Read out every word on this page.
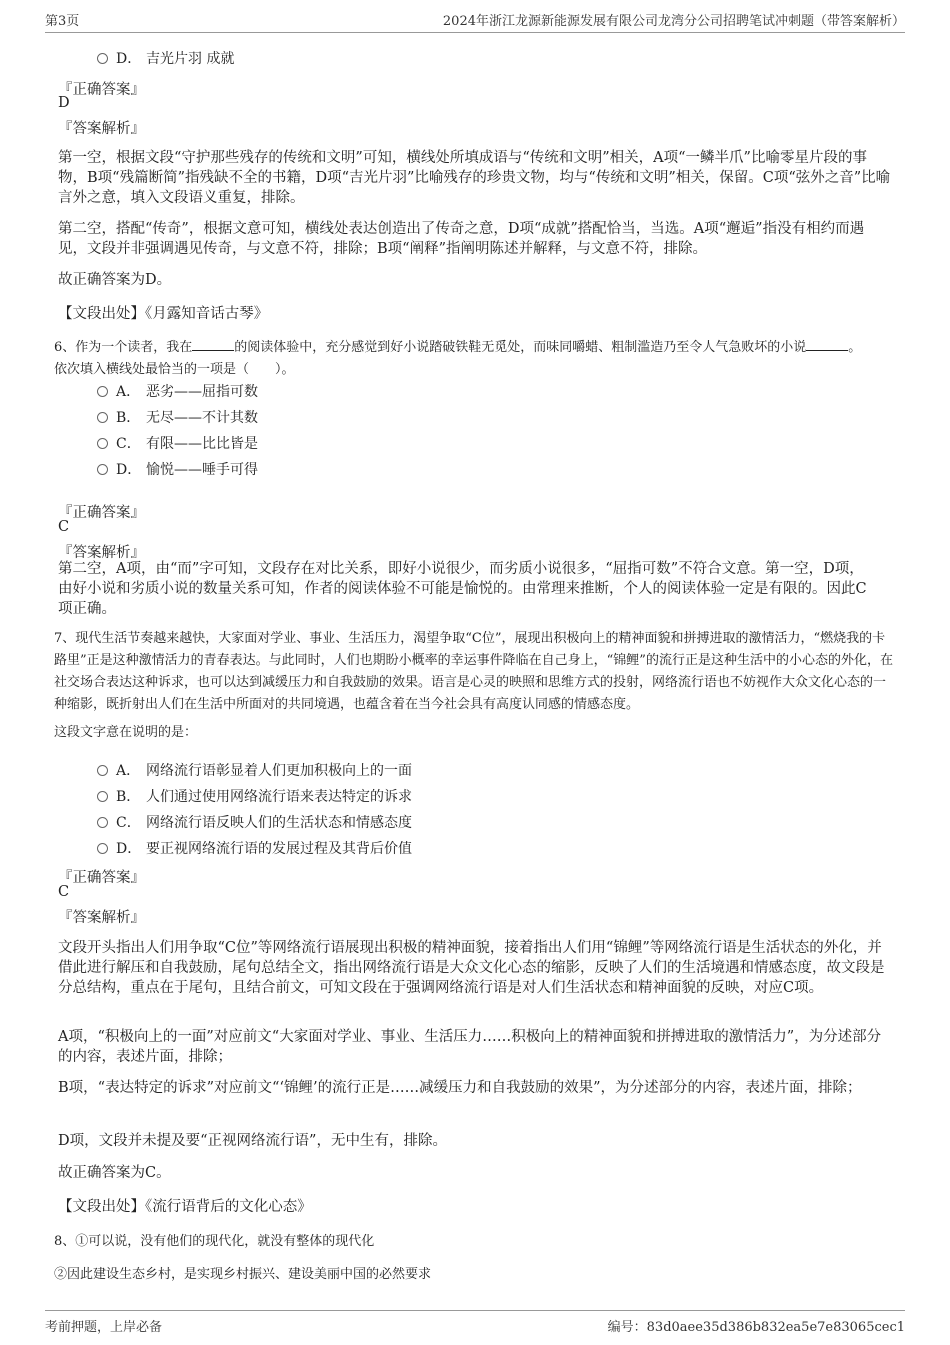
第3页	2024年浙江龙源新能源发展有限公司龙湾分公司招聘笔试冲刺题（带答案解析）
D． 吉光片羽 成就
『正确答案』
D
『答案解析』
第一空，根据文段“守护那些残存的传统和文明”可知，横线处所填成语与“传统和文明”相关，A项“一鳞半爪”比喻零星片段的事物，B项“残篇断简”指残缺不全的书籍，D项“吉光片羽”比喻残存的珍贵文物，均与“传统和文明”相关，保留。C项“弦外之音”比喻言外之意，填入文段语义重复，排除。
第二空，搭配“传奇”，根据文意可知，横线处表达创造出了传奇之意，D项“成就”搭配恰当，当选。A项“邂逅”指没有相约而遇见，文段并非强调遇见传奇，与文意不符，排除；B项“阐释”指阐明陈述并解释，与文意不符，排除。
故正确答案为D。
【文段出处】《月露知音话古琴》
6、作为一个读者，我在	的阅读体验中，充分感觉到好小说踏破铁鞋无觅处，而味同嚼蜡、粗制滥造乃至令人气急败坏的小说	。
依次填入横线处最恰当的一项是（　　）。
A． 恶劣——屈指可数
B． 无尽——不计其数
C． 有限——比比皆是
D． 愉悦——唾手可得
『正确答案』
C
『答案解析』
第二空，A项，由“而”字可知，文段存在对比关系，即好小说很少，而劣质小说很多，“屈指可数”不符合文意。第一空，D项，由好小说和劣质小说的数量关系可知，作者的阅读体验不可能是愉悦的。由常理来推断，个人的阅读体验一定是有限的。因此C项正确。
7、现代生活节奏越来越快，大家面对学业、事业、生活压力，渴望争取“C位”，展现出积极向上的精神面貌和拼搏进取的激情活力，“燃烧我的卡路里”正是这种激情活力的青春表达。与此同时，人们也期盼小概率的幸运事件降临在自己身上，“锦鲤”的流行正是这种生活中的小心态的外化，在社交场合表达这种诉求，也可以达到减缓压力和自我鼓励的效果。语言是心灵的映照和思维方式的投射，网络流行语也不妨视作大众文化心态的一种缩影，既折射出人们在生活中所面对的共同境遇，也蕴含着在当今社会具有高度认同感的情感态度。
这段文字意在说明的是：
A． 网络流行语彰显着人们更加积极向上的一面
B． 人们通过使用网络流行语来表达特定的诉求
C． 网络流行语反映人们的生活状态和情感态度
D． 要正视网络流行语的发展过程及其背后价值
『正确答案』
C
『答案解析』
文段开头指出人们用争取“C位”等网络流行语展现出积极的精神面貌，接着指出人们用“锦鲤”等网络流行语是生活状态的外化，并借此进行解压和自我鼓励，尾句总结全文，指出网络流行语是大众文化心态的缩影，反映了人们的生活境遇和情感态度，故文段是分总结构，重点在于尾句，且结合前文，可知文段在于强调网络流行语是对人们生活状态和精神面貌的反映，对应C项。
A项，“积极向上的一面”对应前文“大家面对学业、事业、生活压力……积极向上的精神面貌和拼搏进取的激情活力”，为分述部分的内容，表述片面，排除；
B项，“表达特定的诉求”对应前文“‘锦鲤’的流行正是……减缓压力和自我鼓励的效果”，为分述部分的内容，表述片面，排除；
D项，文段并未提及要“正视网络流行语”，无中生有，排除。
故正确答案为C。
【文段出处】《流行语背后的文化心态》
8、①可以说，没有他们的现代化，就没有整体的现代化
②因此建设生态乡村，是实现乡村振兴、建设美丽中国的必然要求
考前押题，上岸必备	编号：83d0aee35d386b832ea5e7e83065cec1
